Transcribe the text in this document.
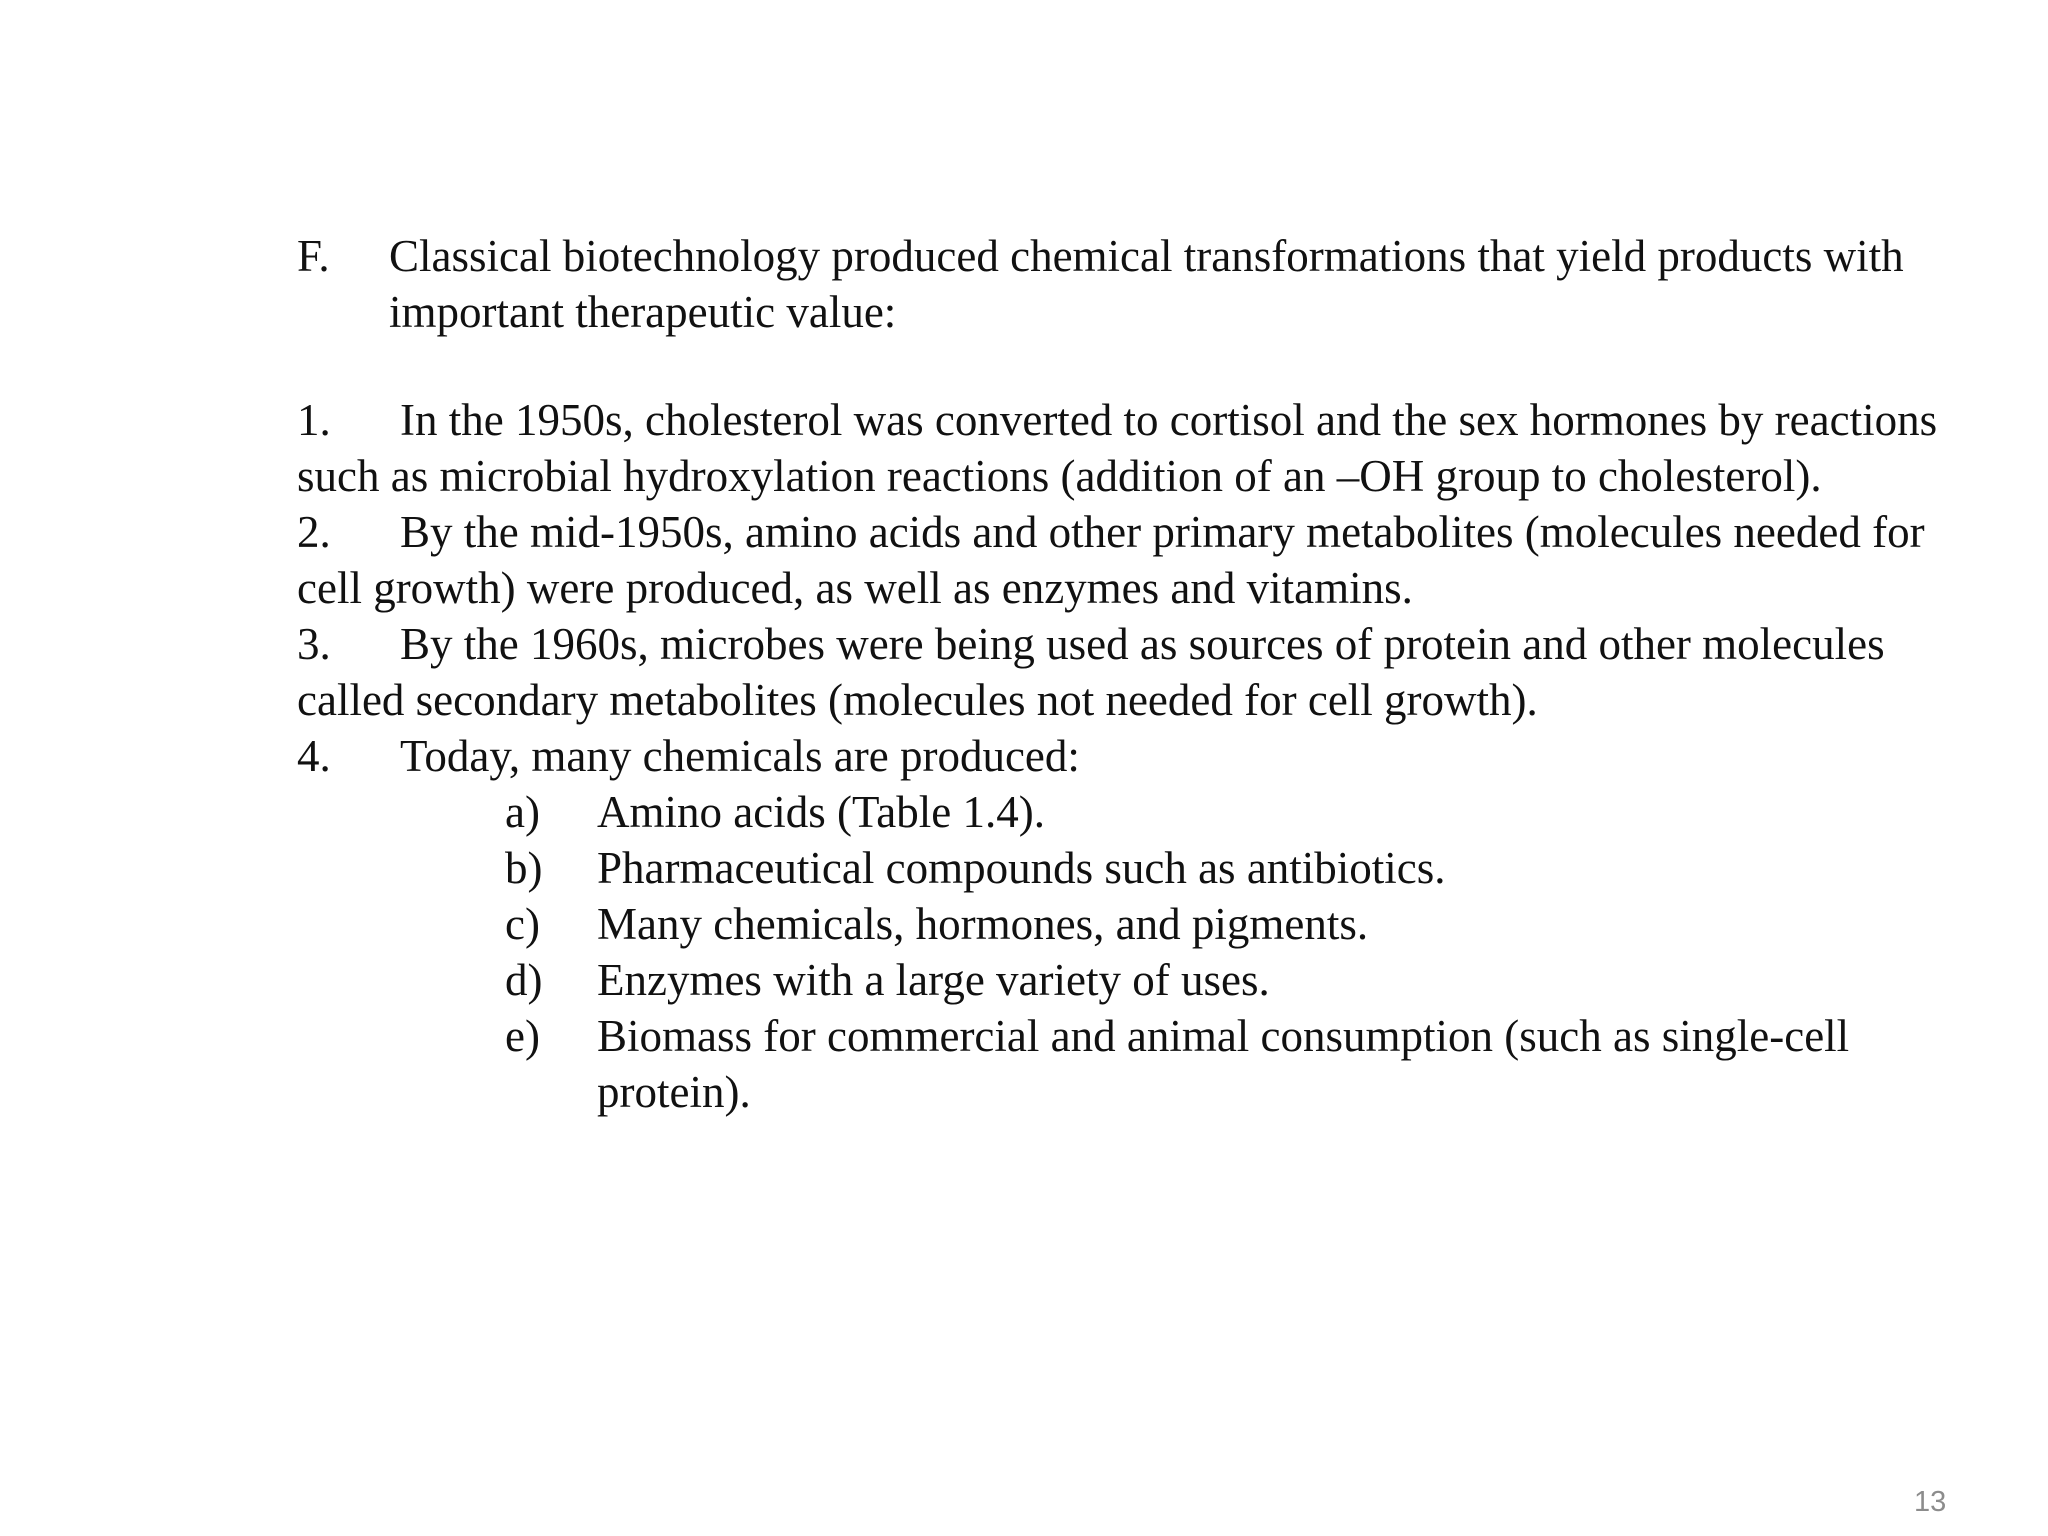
F.	Classical biotechnology produced chemical transformations that yield products with important therapeutic value:
1. In the 1950s, cholesterol was converted to cortisol and the sex hormones by reactions such as microbial hydroxylation reactions (addition of an –OH group to cholesterol).
2. By the mid-1950s, amino acids and other primary metabolites (molecules needed for cell growth) were produced, as well as enzymes and vitamins.
3. By the 1960s, microbes were being used as sources of protein and other molecules called secondary metabolites (molecules not needed for cell growth).
4. Today, many chemicals are produced:
a)	Amino acids (Table 1.4).
b)	Pharmaceutical compounds such as antibiotics.
c)	Many chemicals, hormones, and pigments.
d)	Enzymes with a large variety of uses.
e)	Biomass for commercial and animal consumption (such as single-cell protein).
13
